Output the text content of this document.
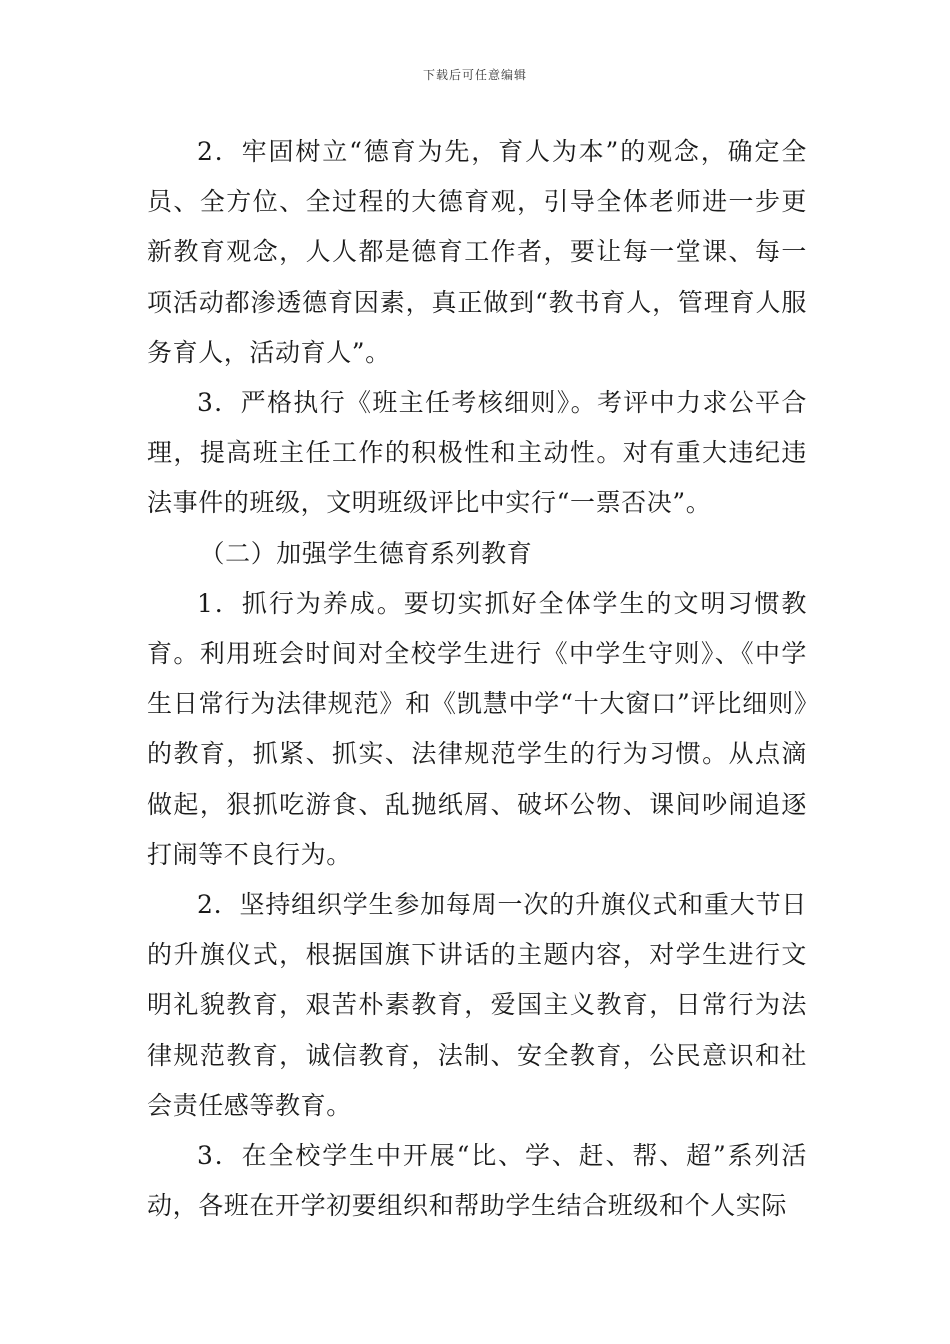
下载后可任意编辑

2．牢固树立“德育为先，育人为本”的观念，确定全员、全方位、全过程的大德育观，引导全体老师进一步更新教育观念，人人都是德育工作者，要让每一堂课、每一项活动都渗透德育因素，真正做到“教书育人，管理育人服务育人，活动育人”。

3．严格执行《班主任考核细则》。考评中力求公平合理，提高班主任工作的积极性和主动性。对有重大违纪违法事件的班级，文明班级评比中实行“一票否决”。

（二）加强学生德育系列教育

1．抓行为养成。要切实抓好全体学生的文明习惯教育。利用班会时间对全校学生进行《中学生守则》、《中学生日常行为法律规范》和《凯慧中学“十大窗口”评比细则》的教育，抓紧、抓实、法律规范学生的行为习惯。从点滴做起，狠抓吃游食、乱抛纸屑、破坏公物、课间吵闹追逐打闹等不良行为。

2．坚持组织学生参加每周一次的升旗仪式和重大节日的升旗仪式，根据国旗下讲话的主题内容，对学生进行文明礼貌教育，艰苦朴素教育，爱国主义教育，日常行为法律规范教育，诚信教育，法制、安全教育，公民意识和社会责任感等教育。

3．在全校学生中开展“比、学、赶、帮、超”系列活动，各班在开学初要组织和帮助学生结合班级和个人实际
